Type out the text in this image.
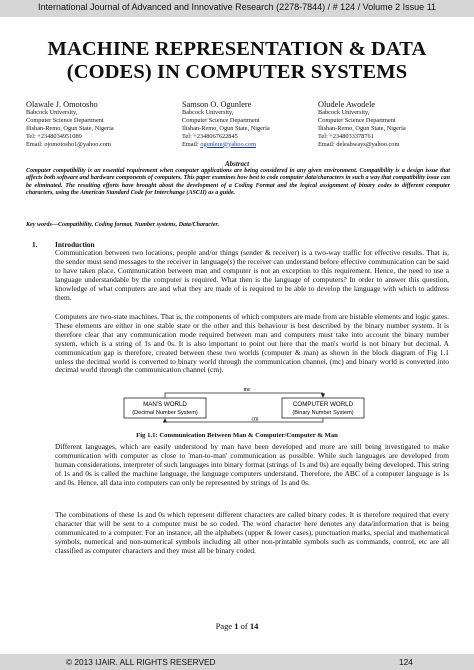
International Journal of Advanced and Innovative Research (2278-7844) / # 124 / Volume 2 Issue 11
MACHINE REPRESENTATION & DATA
(CODES) IN COMPUTER SYSTEMS
Olawale J. Omotosho
Babcock University,
Computer Science Department
Ilishan-Remo, Ogun State, Nigeria
Tel: +2348034951089
Email: ojomotosho1@yahoo.com
Samson O. Ogunlere
Babcock University,
Computer Science Department
Ilishan-Remo, Ogun State, Nigeria
Tel: +2348067622845
Email: ogunlere@yahoo.com
Oludele Awodele
Babcock University,
Computer Science Department
Ilishan-Remo, Ogun State, Nigeria
Tel: +2348033378761
Email: deleahways@yahoo.com
Abstract
Computer compatibility is an essential requirement when computer applications are being considered in any given environment. Compatibility is a design issue that affects both software and hardware components of computers. This paper examines how best to code computer data/characters in such a way that compatibility issue can be eliminated. The resulting efforts have brought about the development of a Coding Format and the logical assignment of binary codes to different computer characters, using the American Standard Code for Interchange (ASCII) as a guide.
Key words—Compatibility, Coding format, Number systems, Data/Character.
1. Introduction
Communication between two locations, people and/or things (sender & receiver) is a two-way traffic for effective results. That is, the sender must send messages to the receiver in language(s) the receiver can understand before effective communication can be said to have taken place. Communication between man and computer is not an exception to this requirement. Hence, the need to use a language understandable by the computer is required. What then is the language of computers? In order to answer this question, knowledge of what computers are and what they are made of is required to be able to develop the language with which to address them.
Computers are two-state machines. That is, the components of which computers are made from are bistable elements and logic gates. These elements are either in one stable state or the other and this behaviour is best described by the binary number system. It is therefore clear that any communication mode required between man and computers must take into account the binary number system, which is a string of 1s and 0s. It is also important to point out here that the man's world is not binary but decimal. A communication gap is therefore, created between these two worlds (computer & man) as shown in the block diagram of Fig 1.1 unless the decimal world is converted to binary world through the communication channel, (mc) and binary world is converted into decimal world through the communication channel (cm).
MAN'S WORLD
(Decimal Number System)
COMPUTER WORLD
(Binary Number System)
mc
cm
Fig 1.1: Communication Between Man & Computer/Computer & Man
Different languages, which are easily understood by man have been developed and more are still being investigated to make communication with computer as close to 'man-to-man' communication as possible. While such languages are developed from human considerations, interpreter of such languages into binary format (strings of 1s and 0s) are equally being developed. This string of 1s and 0s is called the machine language, the language computers understand. Therefore, the ABC of a computer language is 1s and 0s. Hence, all data into computers can only be represented by strings of 1s and 0s.
The combinations of these 1s and 0s which represent different characters are called binary codes. It is therefore required that every character that will be sent to a computer must be so coded. The word character here denotes any data/information that is being communicated to a computer. For an instance, all the alphabets (upper & lower cases), punctuation marks, special and mathematical symbols, numerical and non-numerical symbols including all other non-printable symbols such as commands, control, etc are all classified as computer characters and they must all be binary coded.
Page 1 of 14
© 2013 IJAIR. ALL RIGHTS RESERVED	124
